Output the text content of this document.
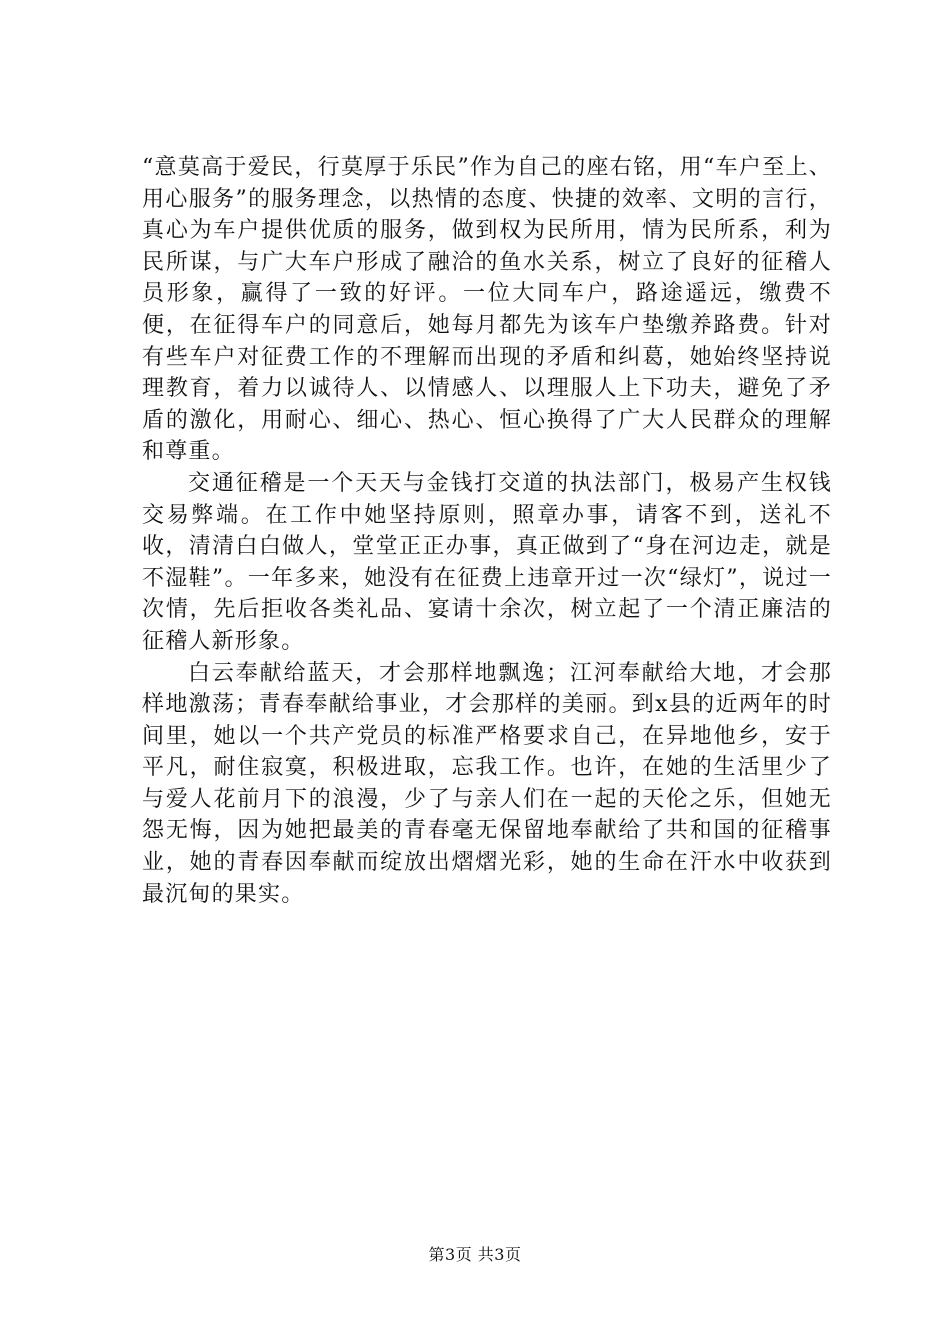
“意莫高于爱民，行莫厚于乐民”作为自己的座右铭，用“车户至上、用心服务”的服务理念，以热情的态度、快捷的效率、文明的言行，真心为车户提供优质的服务，做到权为民所用，情为民所系，利为民所谋，与广大车户形成了融洽的鱼水关系，树立了良好的征稽人员形象，赢得了一致的好评。一位大同车户，路途遥远，缴费不便，在征得车户的同意后，她每月都先为该车户垫缴养路费。针对有些车户对征费工作的不理解而出现的矛盾和纠葛，她始终坚持说理教育，着力以诚待人、以情感人、以理服人上下功夫，避免了矛盾的激化，用耐心、细心、热心、恒心换得了广大人民群众的理解和尊重。

交通征稽是一个天天与金钱打交道的执法部门，极易产生权钱交易弊端。在工作中她坚持原则，照章办事，请客不到，送礼不收，清清白白做人，堂堂正正办事，真正做到了“身在河边走，就是不湿鞋”。一年多来，她没有在征费上违章开过一次“绿灯”，说过一次情，先后拒收各类礼品、宴请十余次，树立起了一个清正廉洁的征稽人新形象。

白云奉献给蓝天，才会那样地飘逸；江河奉献给大地，才会那样地激荡；青春奉献给事业，才会那样的美丽。到x县的近两年的时间里，她以一个共产党员的标准严格要求自己，在异地他乡，安于平凡，耐住寂寞，积极进取，忘我工作。也许，在她的生活里少了与爱人花前月下的浪漫，少了与亲人们在一起的天伦之乐，但她无怨无悔，因为她把最美的青春毫无保留地奉献给了共和国的征稽事业，她的青春因奉献而绽放出熠熠光彩，她的生命在汗水中收获到最沉甸的果实。

第3页 共3页
